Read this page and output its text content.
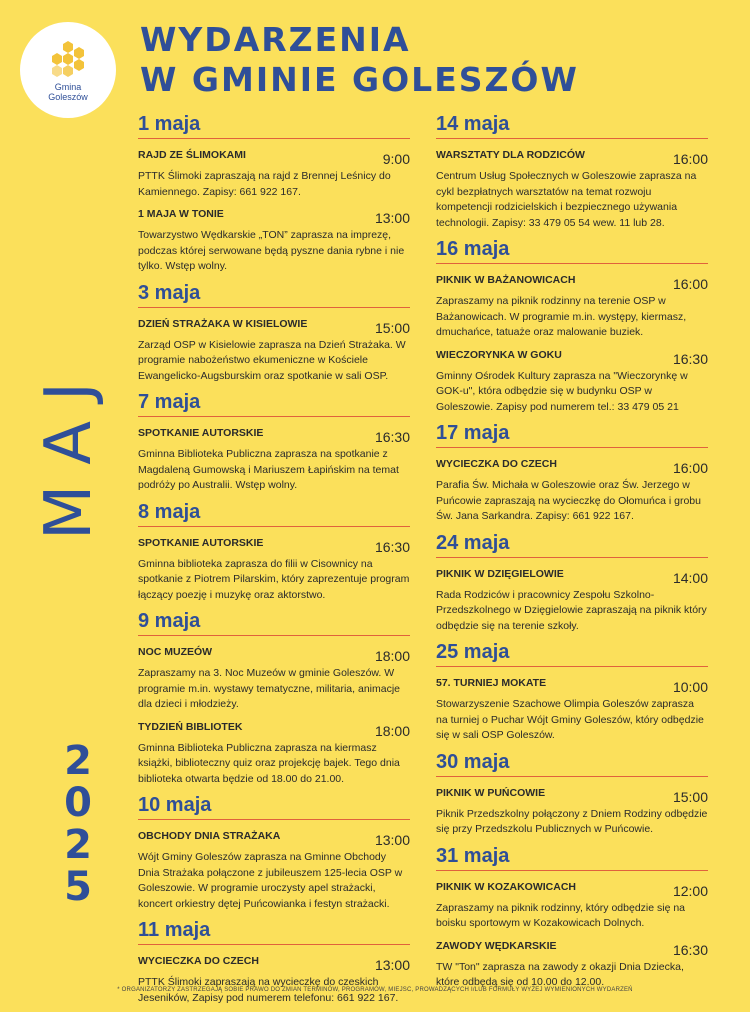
Gmina
Goleszów
WYDARZENIA
W GMINIE GOLESZÓW
MAJ
2
0
2
5
1 maja
RAJD ZE ŚLIMOKAMI	9:00
PTTK Ślimoki zapraszają na rajd z Brennej Leśnicy do Kamiennego. Zapisy: 661 922 167.
1 MAJA W TONIE	13:00
Towarzystwo Wędkarskie „TON” zaprasza na imprezę, podczas której serwowane będą pyszne dania rybne i nie tylko. Wstęp wolny.
3 maja
DZIEŃ STRAŻAKA W KISIELOWIE	15:00
Zarząd OSP w Kisielowie zaprasza na Dzień Strażaka. W programie nabożeństwo ekumeniczne w Kościele Ewangelicko-Augsburskim oraz spotkanie w sali OSP.
7 maja
SPOTKANIE AUTORSKIE	16:30
Gminna Biblioteka Publiczna zaprasza na spotkanie z Magdaleną Gumowską i Mariuszem Łapińskim na temat podróży po Australii. Wstęp wolny.
8 maja
SPOTKANIE AUTORSKIE	16:30
Gminna biblioteka zaprasza do filii w Cisownicy na spotkanie z Piotrem Pilarskim, który zaprezentuje program łączący poezję i muzykę oraz aktorstwo.
9 maja
NOC MUZEÓW	18:00
Zapraszamy na 3. Noc Muzeów w gminie Goleszów. W programie m.in. wystawy tematyczne, militaria, animacje dla dzieci i młodzieży.
TYDZIEŃ BIBLIOTEK	18:00
Gminna Biblioteka Publiczna zaprasza na kiermasz książki, biblioteczny quiz oraz projekcję bajek. Tego dnia biblioteka otwarta będzie od 18.00 do 21.00.
10 maja
OBCHODY DNIA STRAŻAKA	13:00
Wójt Gminy Goleszów zaprasza na Gminne Obchody Dnia Strażaka połączone z jubileuszem 125-lecia OSP w Goleszowie. W programie uroczysty apel strażacki, koncert orkiestry dętej Puńcowianka i festyn strażacki.
11 maja
WYCIECZKA DO CZECH	13:00
PTTK Ślimoki zapraszają na wycieczkę do czeskich Jeseników, Zapisy pod numerem telefonu: 661 922 167.
14 maja
WARSZTATY DLA RODZICÓW	16:00
Centrum Usług Społecznych w Goleszowie zaprasza na cykl bezpłatnych warsztatów na temat rozwoju kompetencji rodzicielskich i bezpiecznego używania technologii. Zapisy: 33 479 05 54 wew. 11 lub 28.
16 maja
PIKNIK W BAŻANOWICACH	16:00
Zapraszamy na piknik rodzinny na terenie OSP w Bażanowicach. W programie m.in. występy, kiermasz, dmuchańce, tatuaże oraz malowanie buziek.
WIECZORYNKA W GOKU	16:30
Gminny Ośrodek Kultury zaprasza na "Wieczorynkę w GOK-u", która odbędzie się w budynku OSP w Goleszowie. Zapisy pod numerem tel.: 33 479 05 21
17 maja
WYCIECZKA DO CZECH	16:00
Parafia Św. Michała w Goleszowie oraz Św. Jerzego w Puńcowie zapraszają na wycieczkę do Ołomuńca i grobu Św. Jana Sarkandra. Zapisy: 661 922 167.
24 maja
PIKNIK W DZIĘGIELOWIE	14:00
Rada Rodziców i pracownicy Zespołu Szkolno-Przedszkolnego w Dzięgielowie zapraszają na piknik który odbędzie się na terenie szkoły.
25 maja
57. TURNIEJ MOKATE	10:00
Stowarzyszenie Szachowe Olimpia Goleszów zaprasza na turniej o Puchar Wójt Gminy Goleszów, który odbędzie się w sali OSP Goleszów.
30 maja
PIKNIK W PUŃCOWIE	15:00
Piknik Przedszkolny połączony z Dniem Rodziny odbędzie się przy Przedszkolu Publicznych w Puńcowie.
31 maja
PIKNIK W KOZAKOWICACH	12:00
Zapraszamy na piknik rodzinny, który odbędzie się na boisku sportowym w Kozakowicach Dolnych.
ZAWODY WĘDKARSKIE	16:30
TW "Ton" zaprasza na zawody z okazji Dnia Dziecka, które odbędą się od 10.00 do 12.00.
* ORGANIZATORZY ZASTRZEGAJĄ SOBIE PRAWO DO ZMIAN TERMINÓW, PROGRAMÓW, MIEJSC, PROWADZĄCYCH I/LUB FORMUŁY WYŻEJ WYMIENIONYCH WYDARZEŃ
